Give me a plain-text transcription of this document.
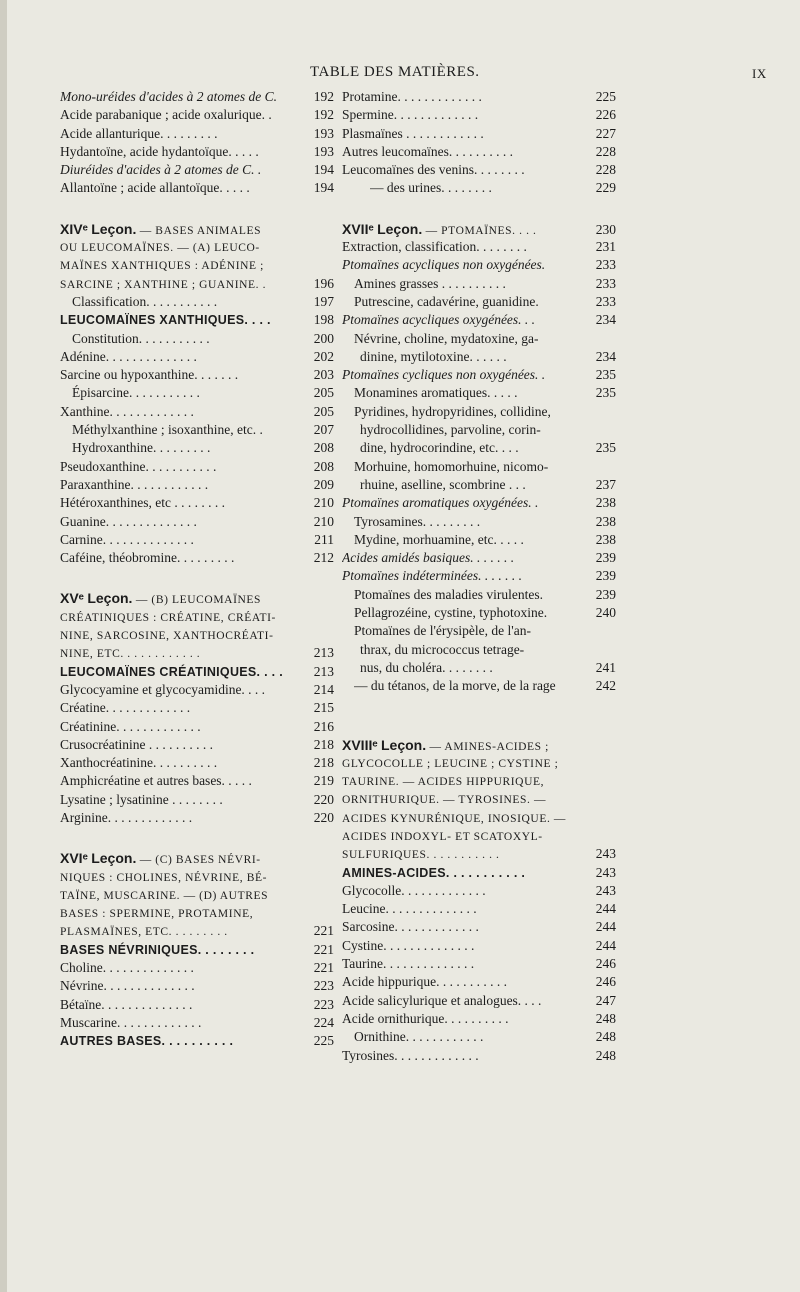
TABLE DES MATIÈRES.	IX
Mono-uréides d'acides à 2 atomes de C.	192
Acide parabanique ; acide oxalurique. .	192
Acide allanturique. . . . . . . . .	193
Hydantoïne, acide hydantoïque. . . . .	193
Diuréides d'acides à 2 atomes de C. .	194
Allantoïne ; acide allantoïque. . . . .	194
XIVᵉ Leçon. — BASES ANIMALES
OU LEUCOMAÏNES. — (A) LEUCO-
MAÏNES XANTHIQUES : ADÉNINE ;
SARCINE ; XANTHINE ; GUANINE. .	196
Classification. . . . . . . . . . .	197
LEUCOMAÏNES XANTHIQUES. . . .	198
Constitution. . . . . . . . . . .	200
Adénine. . . . . . . . . . . . . .	202
Sarcine ou hypoxanthine. . . . . . .	203
Épisarcine. . . . . . . . . . .	205
Xanthine. . . . . . . . . . . . .	205
Méthylxanthine ; isoxanthine, etc. .	207
Hydroxanthine. . . . . . . . .	208
Pseudoxanthine. . . . . . . . . . .	208
Paraxanthine. . . . . . . . . . . .	209
Hétéroxanthines, etc . . . . . . . .	210
Guanine. . . . . . . . . . . . . .	210
Carnine. . . . . . . . . . . . . .	211
Caféine, théobromine. . . . . . . . .	212
XVᵉ Leçon. — (B) LEUCOMAÏNES
CRÉATINIQUES : CRÉATINE, CRÉATI-
NINE, SARCOSINE, XANTHOCRÉATI-
NINE, ETC. . . . . . . . . . . .	213
LEUCOMAÏNES CRÉATINIQUES. . . .	213
Glycocyamine et glycocyamidine. . . .	214
Créatine. . . . . . . . . . . . .	215
Créatinine. . . . . . . . . . . . .	216
Crusocréatinine . . . . . . . . . .	218
Xanthocréatinine. . . . . . . . . .	218
Amphicréatine et autres bases. . . . .	219
Lysatine ; lysatinine . . . . . . . .	220
Arginine. . . . . . . . . . . . .	220
XVIᵉ Leçon. — (C) BASES NÉVRI-
NIQUES : CHOLINES, NÉVRINE, BÉ-
TAÏNE, MUSCARINE. — (D) AUTRES
BASES : SPERMINE, PROTAMINE,
PLASMAÏNES, ETC. . . . . . . . .	221
BASES NÉVRINIQUES. . . . . . . .	221
Choline. . . . . . . . . . . . . .	221
Névrine. . . . . . . . . . . . . .	223
Bétaïne. . . . . . . . . . . . . .	223
Muscarine. . . . . . . . . . . . .	224
AUTRES BASES. . . . . . . . . .	225
Protamine. . . . . . . . . . . . .	225
Spermine. . . . . . . . . . . . .	226
Plasmaïnes . . . . . . . . . . . .	227
Autres leucomaïnes. . . . . . . . . .	228
Leucomaïnes des venins. . . . . . . .	228
— des urines. . . . . . . .	229
XVIIᵉ Leçon. — PTOMAÏNES. . . .	230
Extraction, classification. . . . . . . .	231
Ptomaïnes acycliques non oxygénées.	233
Amines grasses . . . . . . . . . .	233
Putrescine, cadavérine, guanidine.	233
Ptomaïnes acycliques oxygénées. . .	234
Névrine, choline, mydatoxine, ga-
dinine, mytilotoxine. . . . . .	234
Ptomaïnes cycliques non oxygénées. .	235
Monamines aromatiques. . . . .	235
Pyridines, hydropyridines, collidine,
hydrocollidines, parvoline, corin-
dine, hydrocorindine, etc. . . .	235
Morhuine, homomorhuine, nicomo-
rhuine, aselline, scombrine . . .	237
Ptomaïnes aromatiques oxygénées. .	238
Tyrosamines. . . . . . . . .	238
Mydine, morhuamine, etc. . . . .	238
Acides amidés basiques. . . . . . .	239
Ptomaïnes indéterminées. . . . . . .	239
Ptomaïnes des maladies virulentes.	239
Pellagrozéine, cystine, typhotoxine.	240
Ptomaïnes de l'érysipèle, de l'an-
thrax, du micrococcus tetrage-
nus, du choléra. . . . . . . .	241
— du tétanos, de la morve, de la rage	242
XVIIIᵉ Leçon. — AMINES-ACIDES ;
GLYCOCOLLE ; LEUCINE ; CYSTINE ;
TAURINE. — ACIDES HIPPURIQUE,
ORNITHURIQUE. — TYROSINES. —
ACIDES KYNURÉNIQUE, INOSIQUE. —
ACIDES INDOXYL- ET SCATOXYL-
SULFURIQUES. . . . . . . . . . .	243
AMINES-ACIDES. . . . . . . . . . .	243
Glycocolle. . . . . . . . . . . . .	243
Leucine. . . . . . . . . . . . . .	244
Sarcosine. . . . . . . . . . . . .	244
Cystine. . . . . . . . . . . . . .	244
Taurine. . . . . . . . . . . . . .	246
Acide hippurique. . . . . . . . . . .	246
Acide salicylurique et analogues. . . .	247
Acide ornithurique. . . . . . . . . .	248
Ornithine. . . . . . . . . . . .	248
Tyrosines. . . . . . . . . . . . .	248
